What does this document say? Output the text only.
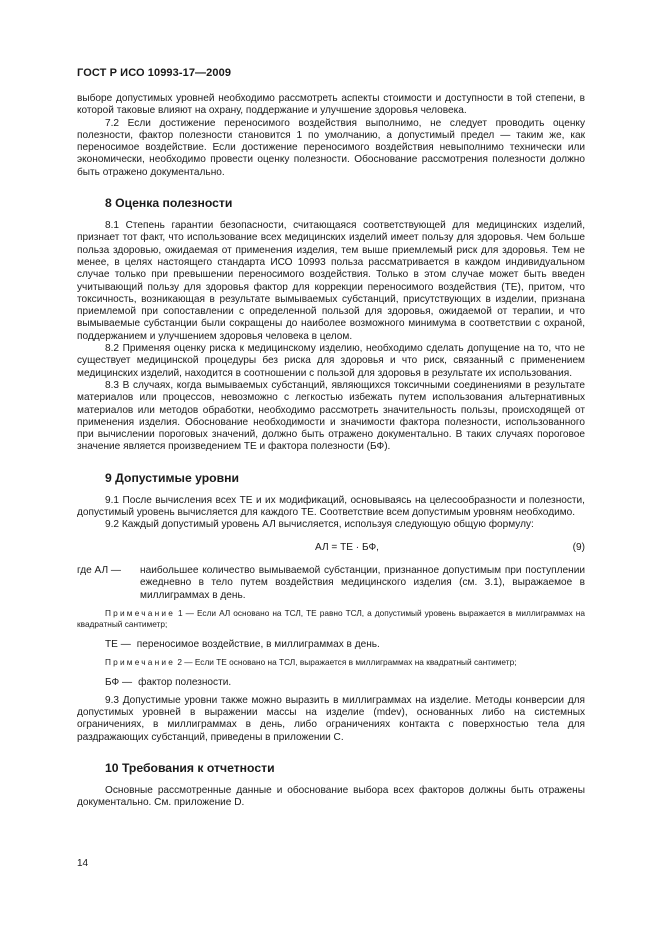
ГОСТ Р ИСО 10993-17—2009

выборе допустимых уровней необходимо рассмотреть аспекты стоимости и доступности в той степени, в которой таковые влияют на охрану, поддержание и улучшение здоровья человека.

7.2 Если достижение переносимого воздействия выполнимо, не следует проводить оценку полезности, фактор полезности становится 1 по умолчанию, а допустимый предел — таким же, как переносимое воздействие. Если достижение переносимого воздействия невыполнимо технически или экономически, необходимо провести оценку полезности. Обоснование рассмотрения полезности должно быть отражено документально.

8 Оценка полезности

8.1 Степень гарантии безопасности, считающаяся соответствующей для медицинских изделий, признает тот факт, что использование всех медицинских изделий имеет пользу для здоровья. Чем больше польза здоровью, ожидаемая от применения изделия, тем выше приемлемый риск для здоровья. Тем не менее, в целях настоящего стандарта ИСО 10993 польза рассматривается в каждом индивидуальном случае только при превышении переносимого воздействия. Только в этом случае может быть введен учитывающий пользу для здоровья фактор для коррекции переносимого воздействия (ТЕ), притом, что токсичность, возникающая в результате вымываемых субстанций, присутствующих в изделии, признана приемлемой при сопоставлении с определенной пользой для здоровья, ожидаемой от терапии, и что вымываемые субстанции были сокращены до наиболее возможного минимума в соответствии с охраной, поддержанием и улучшением здоровья человека в целом.

8.2 Применяя оценку риска к медицинскому изделию, необходимо сделать допущение на то, что не существует медицинской процедуры без риска для здоровья и что риск, связанный с применением медицинских изделий, находится в соотношении с пользой для здоровья в результате их использования.

8.3 В случаях, когда вымываемых субстанций, являющихся токсичными соединениями в результате материалов или процессов, невозможно с легкостью избежать путем использования альтернативных материалов или методов обработки, необходимо рассмотреть значительность пользы, происходящей от применения изделия. Обоснование необходимости и значимости фактора полезности, использованного при вычислении пороговых значений, должно быть отражено документально. В таких случаях пороговое значение является произведением ТЕ и фактора полезности (БФ).

9 Допустимые уровни

9.1 После вычисления всех ТЕ и их модификаций, основываясь на целесообразности и полезности, допустимый уровень вычисляется для каждого ТЕ. Соответствие всем допустимым уровням необходимо.

9.2 Каждый допустимый уровень АЛ вычисляется, используя следующую общую формулу:

АЛ = ТЕ · БФ,	(9)
где АЛ —	наибольшее количество вымываемой субстанции, признанное допустимым при поступлении ежедневно в тело путем воздействия медицинского изделия (см. 3.1), выражаемое в миллиграммах в день.

Примечание 1 — Если АЛ основано на ТСЛ, ТЕ равно ТСЛ, а допустимый уровень выражается в миллиграммах на квадратный сантиметр;

ТЕ — переносимое воздействие, в миллиграммах в день.

Примечание 2 — Если ТЕ основано на ТСЛ, выражается в миллиграммах на квадратный сантиметр;

БФ — фактор полезности.

9.3 Допустимые уровни также можно выразить в миллиграммах на изделие. Методы конверсии для допустимых уровней в выражении массы на изделие (mdev), основанных либо на системных ограничениях, в миллиграммах в день, либо ограничениях контакта с поверхностью тела для раздражающих субстанций, приведены в приложении С.

10 Требования к отчетности

Основные рассмотренные данные и обоснование выбора всех факторов должны быть отражены документально. См. приложение D.

14
